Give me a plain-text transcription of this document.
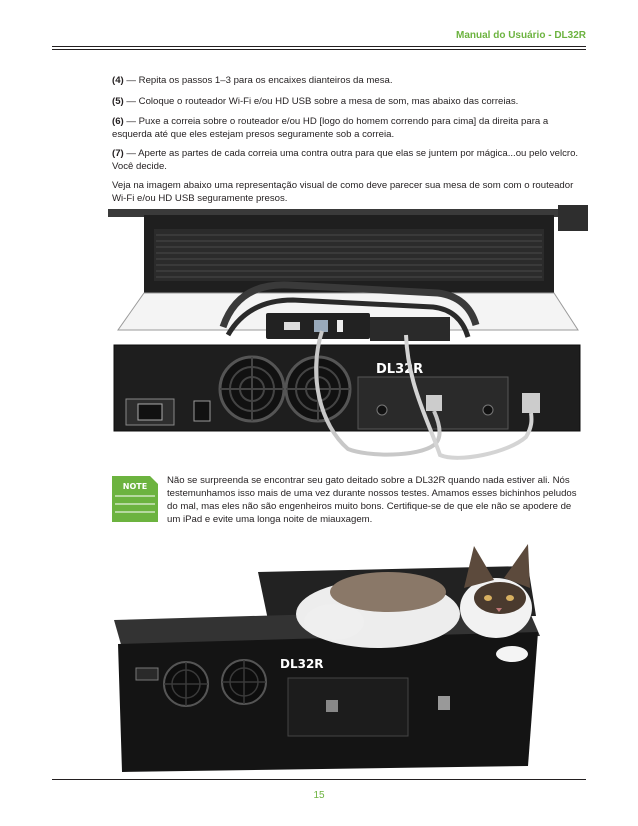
Manual do Usuário - DL32R

(4) — Repita os passos 1–3 para os encaixes dianteiros da mesa.

(5) — Coloque o routeador Wi-Fi e/ou HD USB sobre a mesa de som, mas abaixo das correias.

(6) — Puxe a correia sobre o routeador e/ou HD [logo do homem correndo para cima] da direita para a esquerda até que eles estejam presos seguramente sob a correia.

(7) — Aperte as partes de cada correia uma contra outra para que elas se juntem por mágica...ou pelo velcro. Você decide.

Veja na imagem abaixo uma representação visual de como deve parecer sua mesa de som com o routeador Wi-Fi e/ou HD USB seguramente presos.

DL32R
NOTE

Não se surpreenda se encontrar seu gato deitado sobre a DL32R quando nada estiver ali. Nós testemunhamos isso mais de uma vez durante nossos testes. Amamos esses bichinhos peludos do mal, mas eles não são engenheiros muito bons. Certifique-se de que ele não se apodere de um iPad e evite uma longa noite de miauxagem.

DL32R
15
